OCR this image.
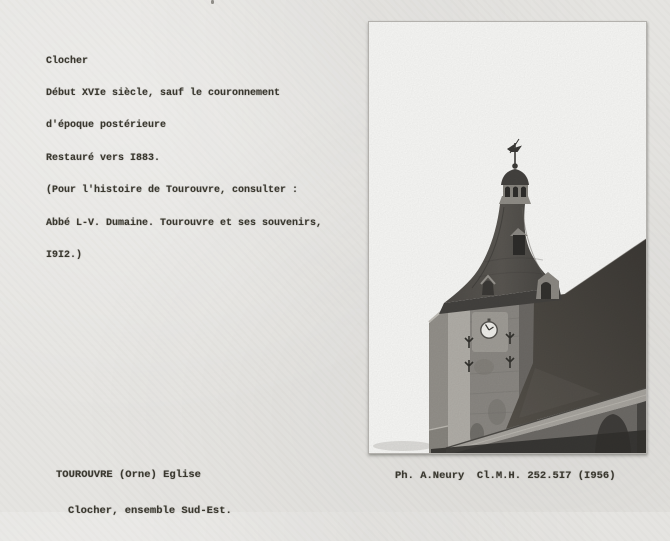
Clocher

Début XVIe siècle, sauf le couronnement

d'époque postérieure

Restauré vers I883.

(Pour l'histoire de Tourouvre, consulter :

Abbé L-V. Dumaine. Tourouvre et ses souvenirs,

I9I2.)

TOUROUVRE (Orne) Eglise

Clocher, ensemble Sud-Est.

Ph. A.Neury  Cl.M.H. 252.5I7 (I956)
